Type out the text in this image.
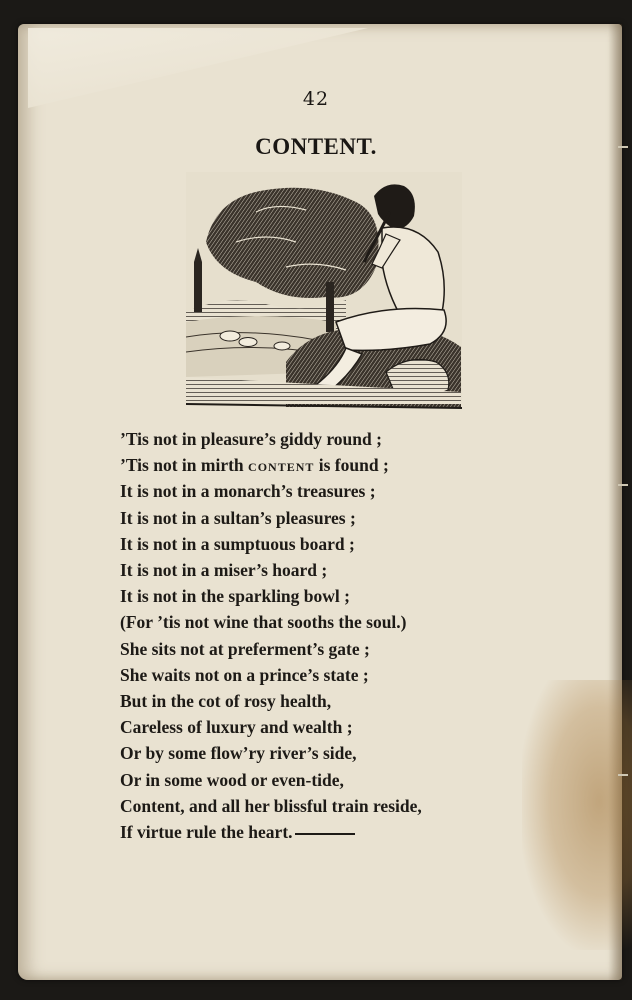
42
CONTENT.
’Tis not in pleasure’s giddy round ;
’Tis not in mirth content is found ;
It is not in a monarch’s treasures ;
It is not in a sultan’s pleasures ;
It is not in a sumptuous board ;
It is not in a miser’s hoard ;
It is not in the sparkling bowl ;
(For ’tis not wine that sooths the soul.)
She sits not at preferment’s gate ;
She waits not on a prince’s state ;
But in the cot of rosy health,
Careless of luxury and wealth ;
Or by some flow’ry river’s side,
Or in some wood or even-tide,
Content, and all her blissful train reside,
If virtue rule the heart.
